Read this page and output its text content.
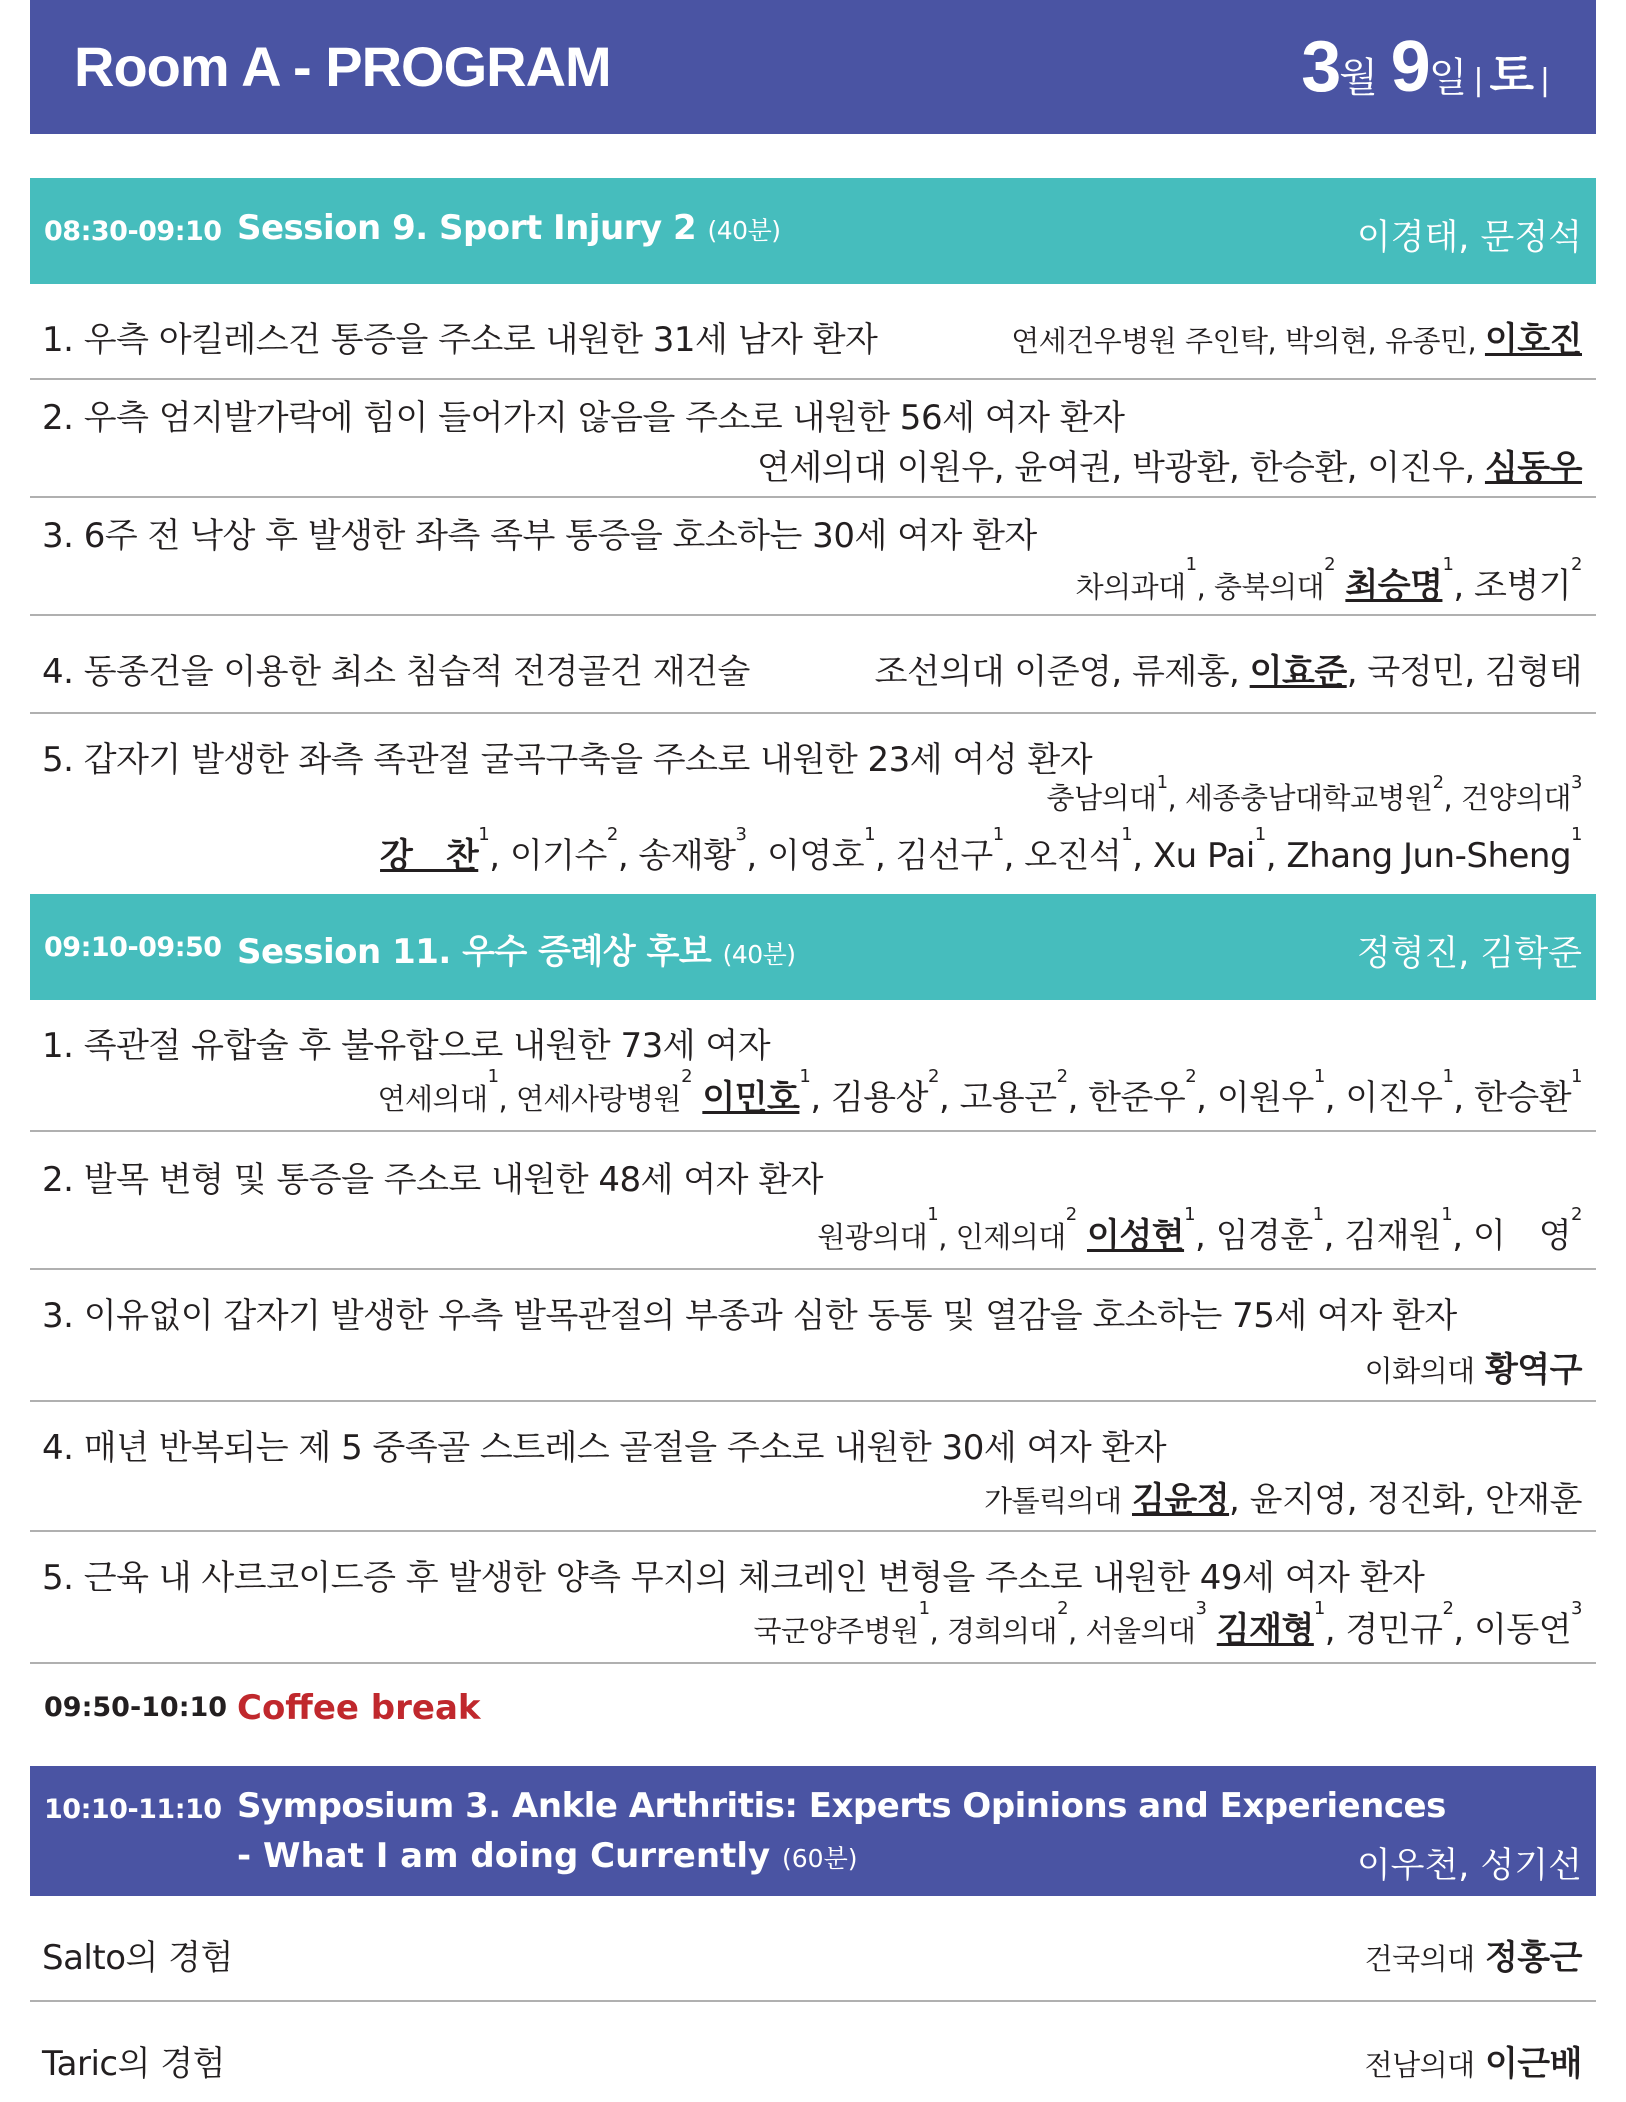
Room A - PROGRAM	3월 9일 | 토 |
08:30-09:10 Session 9. Sport Injury 2 (40분)	이경태, 문정석
1. 우측 아킬레스건 통증을 주소로 내원한 31세 남자 환자	연세건우병원 주인탁, 박의현, 유종민, 이호진
2. 우측 엄지발가락에 힘이 들어가지 않음을 주소로 내원한 56세 여자 환자
연세의대 이원우, 윤여권, 박광환, 한승환, 이진우, 심동우
3. 6주 전 낙상 후 발생한 좌측 족부 통증을 호소하는 30세 여자 환자
차의과대$^1$, 충북의대$^2$ 최승명$^1$, 조병기$^2$
4. 동종건을 이용한 최소 침습적 전경골건 재건술	조선의대 이준영, 류제홍, 이효준, 국정민, 김형태
5. 갑자기 발생한 좌측 족관절 굴곡구축을 주소로 내원한 23세 여성 환자
충남의대$^1$, 세종충남대학교병원$^2$, 건양의대$^3$
강　찬$^1$, 이기수$^2$, 송재황$^3$, 이영호$^1$, 김선구$^1$, 오진석$^1$, Xu Pai$^1$, Zhang Jun-Sheng$^1$
09:10-09:50 Session 11. 우수 증례상 후보 (40분)	정형진, 김학준
1. 족관절 유합술 후 불유합으로 내원한 73세 여자
연세의대$^1$, 연세사랑병원$^2$ 이민호$^1$, 김용상$^2$, 고용곤$^2$, 한준우$^2$, 이원우$^1$, 이진우$^1$, 한승환$^1$
2. 발목 변형 및 통증을 주소로 내원한 48세 여자 환자
원광의대$^1$, 인제의대$^2$ 이성현$^1$, 임경훈$^1$, 김재원$^1$, 이　영$^2$
3. 이유없이 갑자기 발생한 우측 발목관절의 부종과 심한 동통 및 열감을 호소하는 75세 여자 환자
이화의대 황역구
4. 매년 반복되는 제 5 중족골 스트레스 골절을 주소로 내원한 30세 여자 환자
가톨릭의대 김윤정, 윤지영, 정진화, 안재훈
5. 근육 내 사르코이드증 후 발생한 양측 무지의 체크레인 변형을 주소로 내원한 49세 여자 환자
국군양주병원$^1$, 경희의대$^2$, 서울의대$^3$ 김재형$^1$, 경민규$^2$, 이동연$^3$
09:50-10:10 Coffee break
10:10-11:10 Symposium 3. Ankle Arthritis: Experts Opinions and Experiences
- What I am doing Currently (60분)	이우천, 성기선
Salto의 경험	건국의대 정홍근
Taric의 경험	전남의대 이근배
